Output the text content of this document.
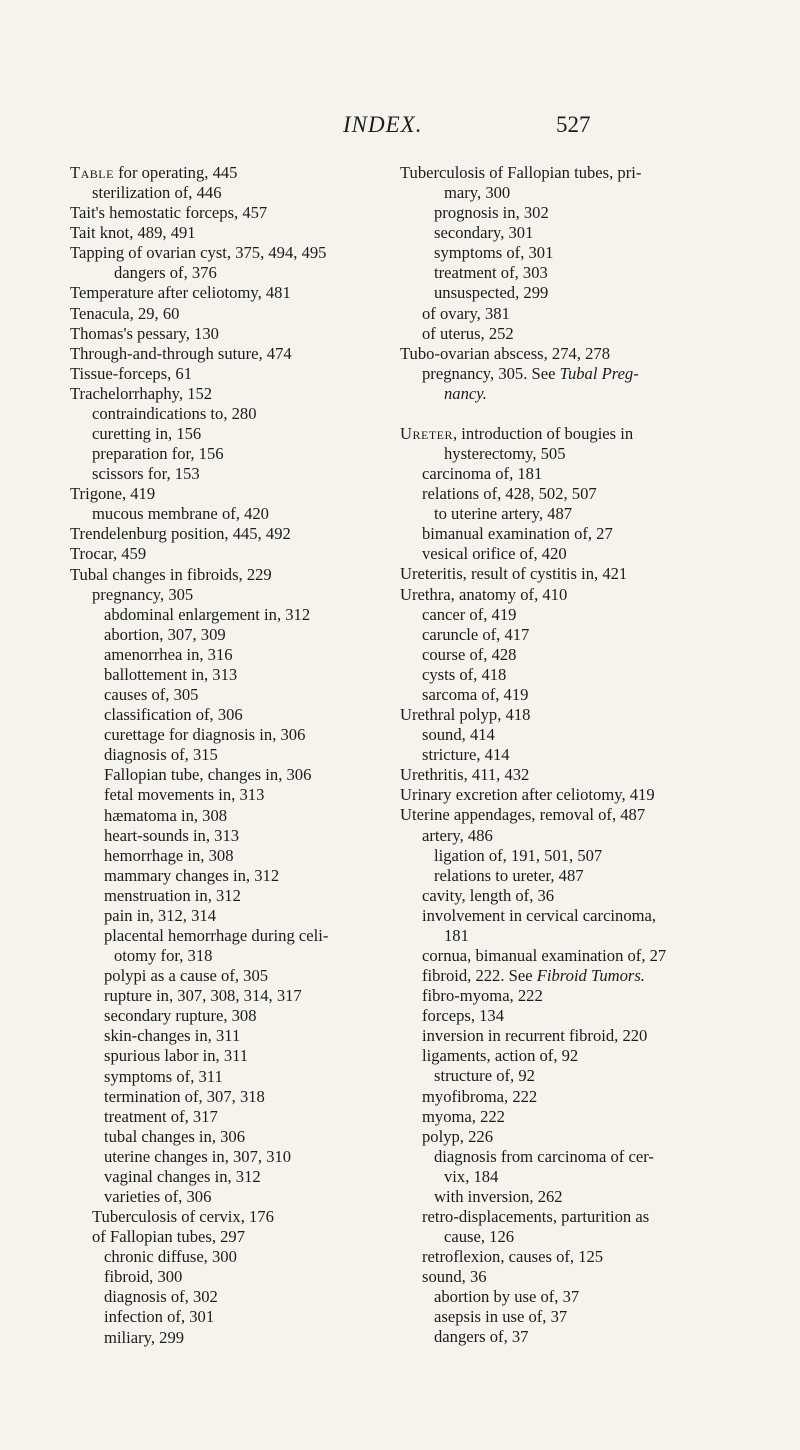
INDEX.	527
Table for operating, 445
sterilization of, 446
Tait's hemostatic forceps, 457
Tait knot, 489, 491
Tapping of ovarian cyst, 375, 494, 495
dangers of, 376
Temperature after celiotomy, 481
Tenacula, 29, 60
Thomas's pessary, 130
Through-and-through suture, 474
Tissue-forceps, 61
Trachelorrhaphy, 152
contraindications to, 280
curetting in, 156
preparation for, 156
scissors for, 153
Trigone, 419
mucous membrane of, 420
Trendelenburg position, 445, 492
Trocar, 459
Tubal changes in fibroids, 229
pregnancy, 305
abdominal enlargement in, 312
abortion, 307, 309
amenorrhea in, 316
ballottement in, 313
causes of, 305
classification of, 306
curettage for diagnosis in, 306
diagnosis of, 315
Fallopian tube, changes in, 306
fetal movements in, 313
hæmatoma in, 308
heart-sounds in, 313
hemorrhage in, 308
mammary changes in, 312
menstruation in, 312
pain in, 312, 314
placental hemorrhage during celi-
otomy for, 318
polypi as a cause of, 305
rupture in, 307, 308, 314, 317
secondary rupture, 308
skin-changes in, 311
spurious labor in, 311
symptoms of, 311
termination of, 307, 318
treatment of, 317
tubal changes in, 306
uterine changes in, 307, 310
vaginal changes in, 312
varieties of, 306
Tuberculosis of cervix, 176
of Fallopian tubes, 297
chronic diffuse, 300
fibroid, 300
diagnosis of, 302
infection of, 301
miliary, 299
Tuberculosis of Fallopian tubes, pri-
mary, 300
prognosis in, 302
secondary, 301
symptoms of, 301
treatment of, 303
unsuspected, 299
of ovary, 381
of uterus, 252
Tubo-ovarian abscess, 274, 278
pregnancy, 305. See Tubal Preg-
nancy.
Ureter, introduction of bougies in
hysterectomy, 505
carcinoma of, 181
relations of, 428, 502, 507
to uterine artery, 487
bimanual examination of, 27
vesical orifice of, 420
Ureteritis, result of cystitis in, 421
Urethra, anatomy of, 410
cancer of, 419
caruncle of, 417
course of, 428
cysts of, 418
sarcoma of, 419
Urethral polyp, 418
sound, 414
stricture, 414
Urethritis, 411, 432
Urinary excretion after celiotomy, 419
Uterine appendages, removal of, 487
artery, 486
ligation of, 191, 501, 507
relations to ureter, 487
cavity, length of, 36
involvement in cervical carcinoma,
181
cornua, bimanual examination of, 27
fibroid, 222. See Fibroid Tumors.
fibro-myoma, 222
forceps, 134
inversion in recurrent fibroid, 220
ligaments, action of, 92
structure of, 92
myofibroma, 222
myoma, 222
polyp, 226
diagnosis from carcinoma of cer-
vix, 184
with inversion, 262
retro-displacements, parturition as
cause, 126
retroflexion, causes of, 125
sound, 36
abortion by use of, 37
asepsis in use of, 37
dangers of, 37
